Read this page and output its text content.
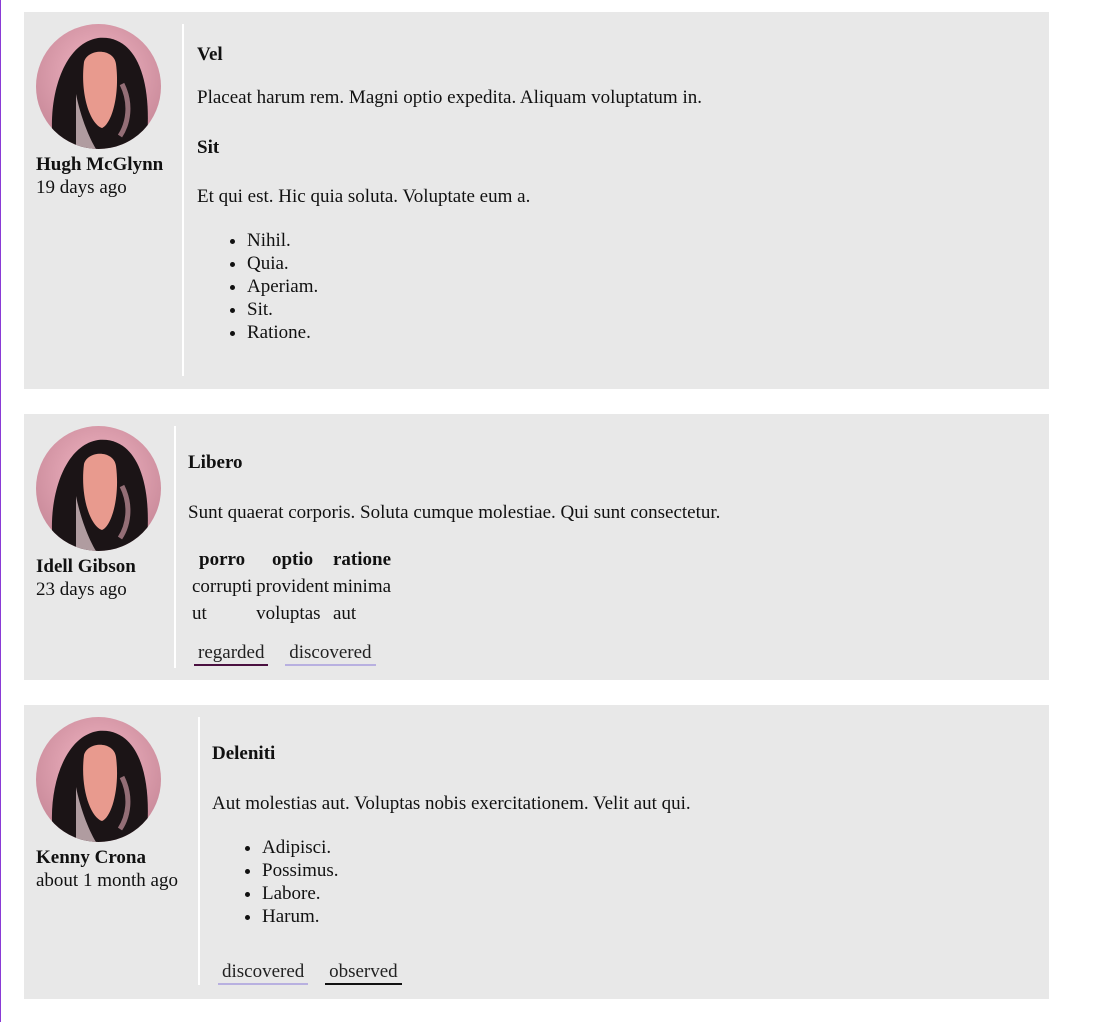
Hugh McGlynn
19 days ago
Vel
Placeat harum rem. Magni optio expedita. Aliquam voluptatum in.
Sit
Et qui est. Hic quia soluta. Voluptate eum a.
• Nihil.
• Quia.
• Aperiam.
• Sit.
• Ratione.
Idell Gibson
23 days ago
Libero
Sunt quaerat corporis. Soluta cumque molestiae. Qui sunt consectetur.
porro	optio	ratione
corrupti	provident	minima
ut	voluptas	aut
regarded discovered
Kenny Crona
about 1 month ago
Deleniti
Aut molestias aut. Voluptas nobis exercitationem. Velit aut qui.
• Adipisci.
• Possimus.
• Labore.
• Harum.
discovered observed
